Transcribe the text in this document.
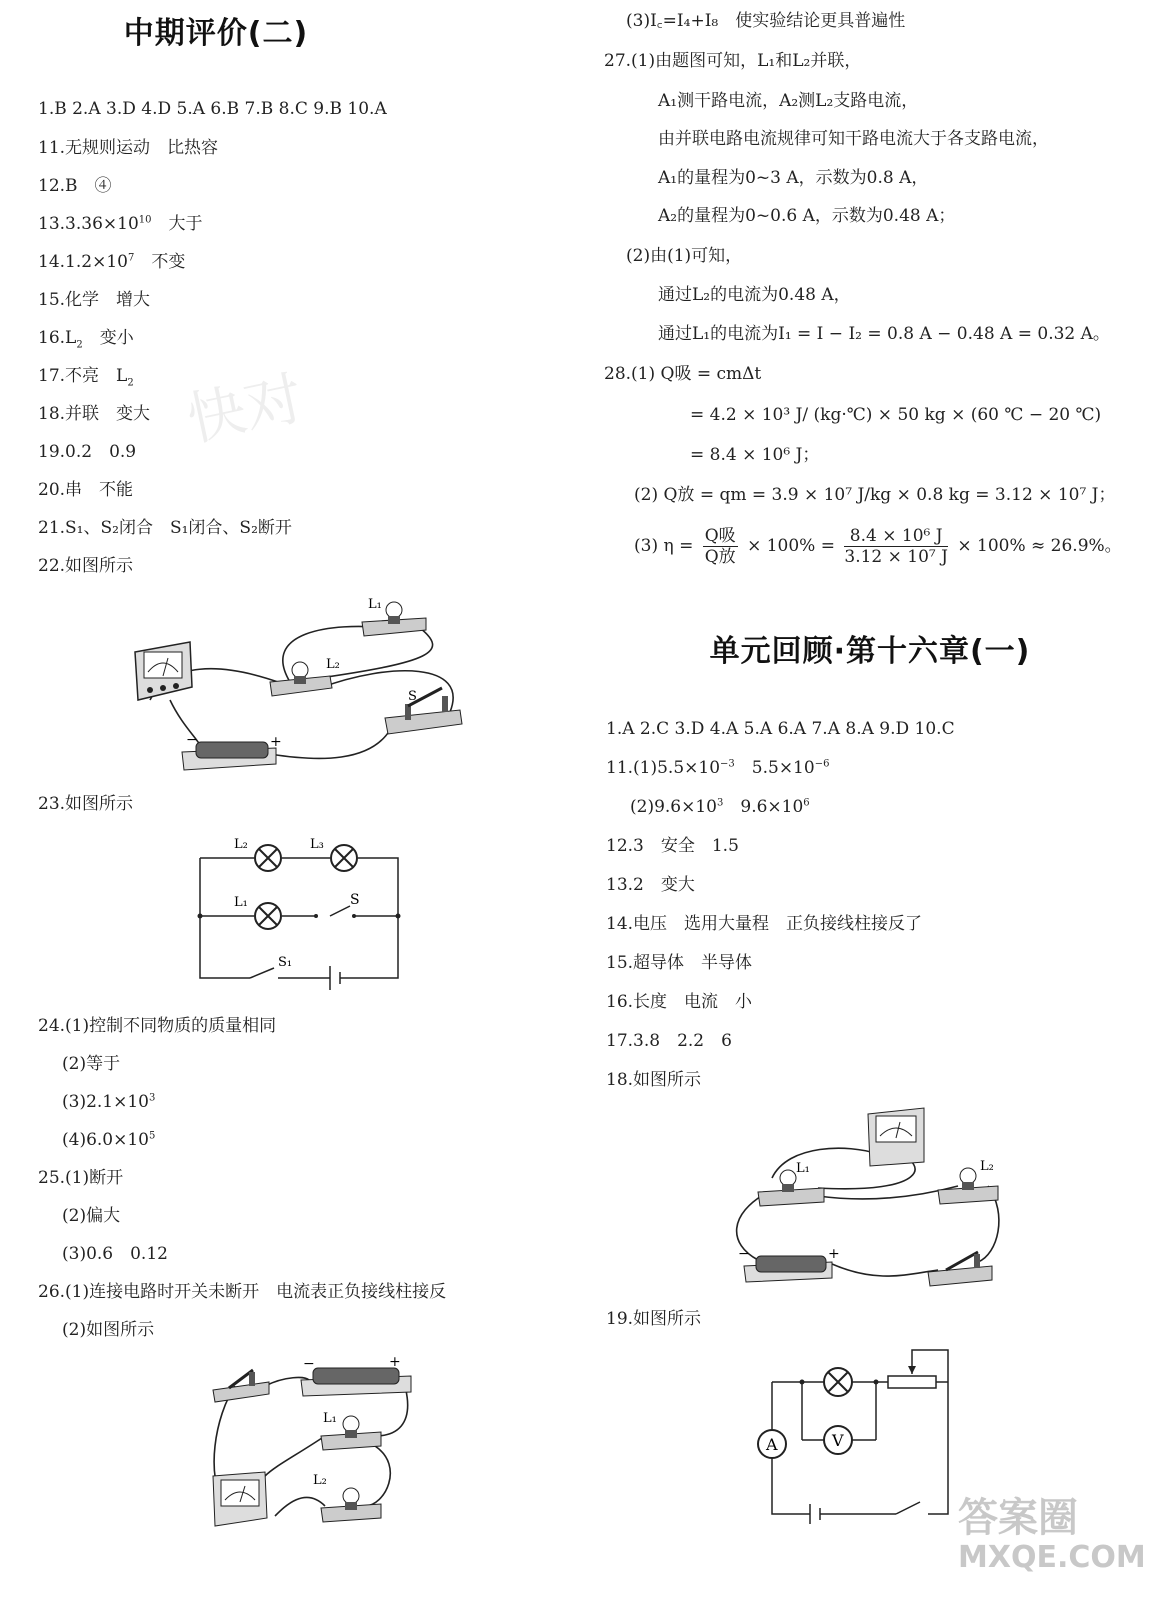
中期评价(二)
1.B 2.A 3.D 4.D 5.A 6.B 7.B 8.C 9.B 10.A
11.无规则运动　比热容
12.B　④
$13.3.36\times 10^{10}$　大于
$14.1.2\times 10^7$　不变
15.化学　增大
$16.L_2$　变小
17.不亮　$L_2$
18.并联　变大
19.0.2　0.9
20.串　不能
21.S₁、S₂闭合　S₁闭合、S₂断开
22.如图所示
L₂
L₁
S
−	+
23.如图所示
L₂	L₃
L₁	S
S₁
24.(1)控制不同物质的质量相同
(2)等于
$(3)2.1\times 10^3$
$(4)6.0\times 10^5$
25.(1)断开
(2)偏大
(3)0.6　0.12
26.(1)连接电路时开关未断开　电流表正负接线柱接反
(2)如图所示
−	+
L₁
L₂
(3)I꜀=I₄+I₈　使实验结论更具普遍性
27.(1)由题图可知，L₁和L₂并联，
A₁测干路电流，A₂测L₂支路电流，
由并联电路电流规律可知干路电流大于各支路电流，
A₁的量程为0~3 A，示数为0.8 A，
A₂的量程为0~0.6 A，示数为0.48 A；
(2)由(1)可知，
通过L₂的电流为0.48 A，
通过L₁的电流为I₁ = I − I₂ = 0.8 A − 0.48 A = 0.32 A。
28.(1) Q吸 = cmΔt
= 4.2 × 10³ J/ (kg·℃) × 50 kg × (60 ℃ − 20 ℃)
= 8.4 × 10⁶ J；
(2) Q放 = qm = 3.9 × 10⁷ J/kg × 0.8 kg = 3.12 × 10⁷ J；
(3) $\eta = \frac{\text{Q吸}}{\text{Q放}} \times 100\% = \frac{\text{8.4 × 10⁶ J}}{\text{3.12 × 10⁷ J}} \times 100\% \approx 26.9\%$。
单元回顾·第十六章(一)
1.A 2.C 3.D 4.A 5.A 6.A 7.A 8.A 9.D 10.C
$11.(1)5.5\times 10^{-3}$　$5.5\times 10^{-6}$
$(2)9.6\times 10^3$　$9.6\times 10^6$
12.3　安全　1.5
13.2　变大
14.电压　选用大量程　正负接线柱接反了
15.超导体　半导体
16.长度　电流　小
17.3.8　2.2　6
18.如图所示
L₁	L₂
−	+
19.如图所示
V
A
快对
答案圈
MXQE.COM
